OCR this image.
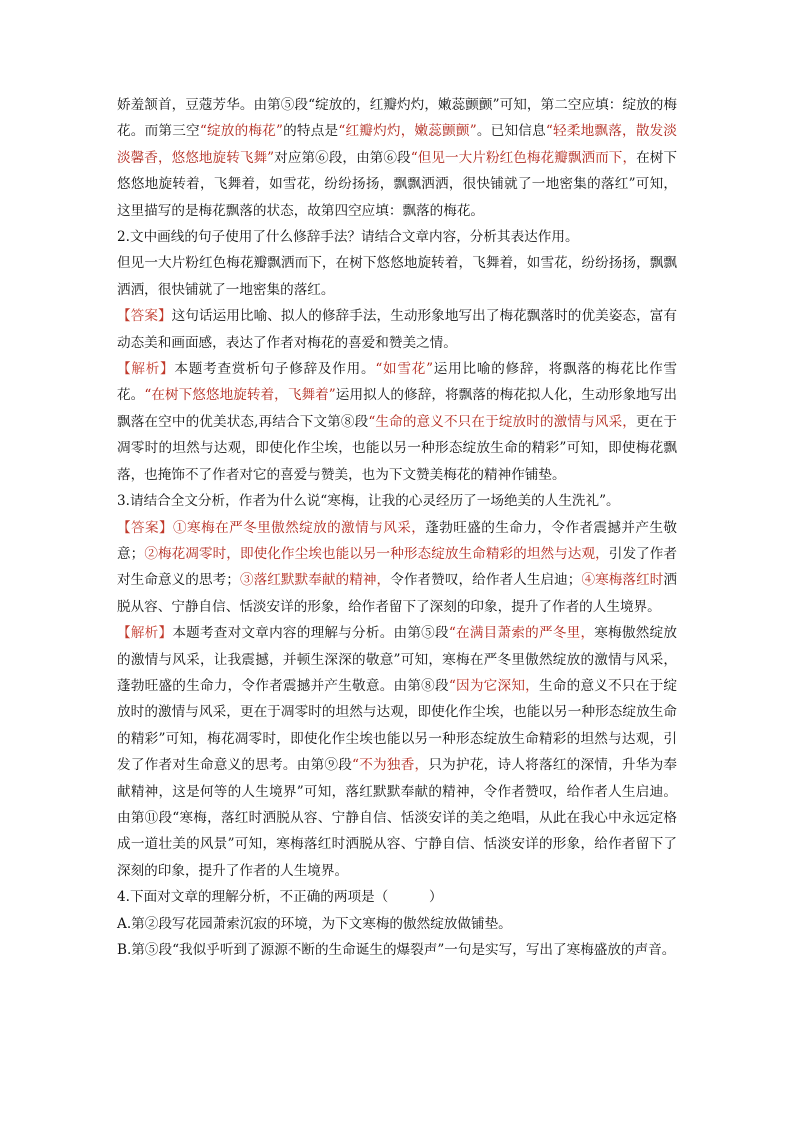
娇羞颔首，豆蔻芳华。由第⑤段“绽放的，红瓣灼灼，嫩蕊颤颤”可知，第二空应填：绽放的梅花。而第三空“绽放的梅花”的特点是“红瓣灼灼，嫩蕊颤颤”。已知信息“轻柔地飘落，散发淡淡馨香，悠悠地旋转飞舞”对应第⑥段，由第⑥段“但见一大片粉红色梅花瓣飘洒而下，在树下悠悠地旋转着，飞舞着，如雪花，纷纷扬扬，飘飘洒洒，很快铺就了一地密集的落红”可知，这里描写的是梅花飘落的状态，故第四空应填：飘落的梅花。

2.文中画线的句子使用了什么修辞手法？请结合文章内容，分析其表达作用。

但见一大片粉红色梅花瓣飘洒而下，在树下悠悠地旋转着，飞舞着，如雪花，纷纷扬扬，飘飘洒洒，很快铺就了一地密集的落红。

【答案】这句话运用比喻、拟人的修辞手法，生动形象地写出了梅花飘落时的优美姿态，富有动态美和画面感，表达了作者对梅花的喜爱和赞美之情。

【解析】本题考查赏析句子修辞及作用。“如雪花”运用比喻的修辞，将飘落的梅花比作雪花。“在树下悠悠地旋转着，飞舞着”运用拟人的修辞，将飘落的梅花拟人化，生动形象地写出飘落在空中的优美状态,再结合下文第⑧段“生命的意义不只在于绽放时的激情与风采，更在于凋零时的坦然与达观，即使化作尘埃，也能以另一种形态绽放生命的精彩”可知，即使梅花飘落，也掩饰不了作者对它的喜爱与赞美，也为下文赞美梅花的精神作铺垫。

3.请结合全文分析，作者为什么说“寒梅，让我的心灵经历了一场绝美的人生洗礼”。

【答案】①寒梅在严冬里傲然绽放的激情与风采，蓬勃旺盛的生命力，令作者震撼并产生敬意；②梅花凋零时，即使化作尘埃也能以另一种形态绽放生命精彩的坦然与达观，引发了作者对生命意义的思考；③落红默默奉献的精神，令作者赞叹，给作者人生启迪；④寒梅落红时洒脱从容、宁静自信、恬淡安详的形象，给作者留下了深刻的印象，提升了作者的人生境界。

【解析】本题考查对文章内容的理解与分析。由第⑤段“在满目萧索的严冬里，寒梅傲然绽放的激情与风采，让我震撼，并顿生深深的敬意”可知，寒梅在严冬里傲然绽放的激情与风采，蓬勃旺盛的生命力，令作者震撼并产生敬意。由第⑧段“因为它深知，生命的意义不只在于绽放时的激情与风采，更在于凋零时的坦然与达观，即使化作尘埃，也能以另一种形态绽放生命的精彩”可知，梅花凋零时，即使化作尘埃也能以另一种形态绽放生命精彩的坦然与达观，引发了作者对生命意义的思考。由第⑨段“不为独香，只为护花，诗人将落红的深情，升华为奉献精神，这是何等的人生境界”可知，落红默默奉献的精神，令作者赞叹，给作者人生启迪。由第⑪段“寒梅，落红时洒脱从容、宁静自信、恬淡安详的美之绝唱，从此在我心中永远定格成一道壮美的风景”可知，寒梅落红时洒脱从容、宁静自信、恬淡安详的形象，给作者留下了深刻的印象，提升了作者的人生境界。

4.下面对文章的理解分析，不正确的两项是（　　　）

A.第②段写花园萧索沉寂的环境，为下文寒梅的傲然绽放做铺垫。

B.第⑤段“我似乎听到了源源不断的生命诞生的爆裂声”一句是实写，写出了寒梅盛放的声音。
